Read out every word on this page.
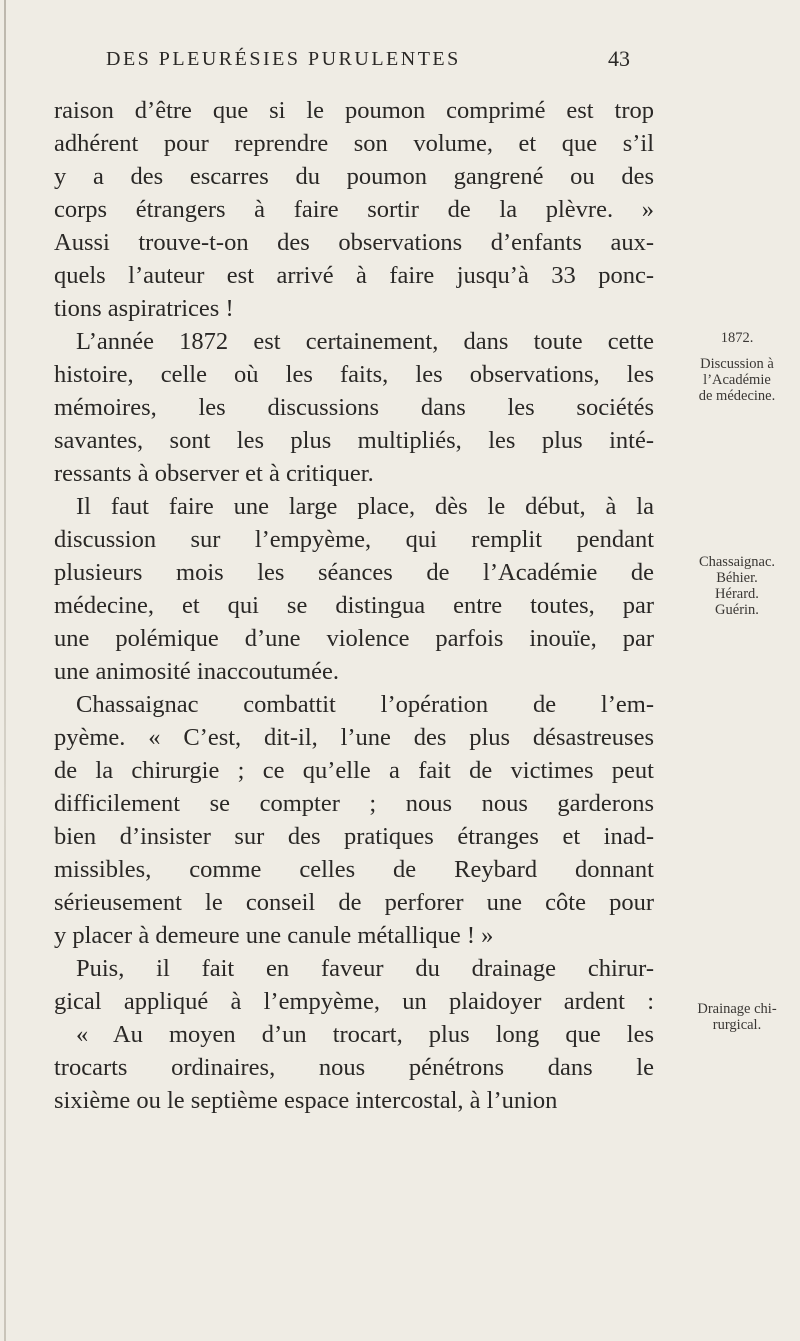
DES PLEURÉSIES PURULENTES	43
raison d’être que si le poumon comprimé est trop
adhérent pour reprendre son volume, et que s’il
y a des escarres du poumon gangrené ou des
corps étrangers à faire sortir de la plèvre. »
Aussi trouve-t-on des observations d’enfants aux-
quels l’auteur est arrivé à faire jusqu’à 33 ponc-
tions aspiratrices !
L’année 1872 est certainement, dans toute cette
histoire, celle où les faits, les observations, les
mémoires, les discussions dans les sociétés
savantes, sont les plus multipliés, les plus inté-
ressants à observer et à critiquer.
Il faut faire une large place, dès le début, à la
discussion sur l’empyème, qui remplit pendant
plusieurs mois les séances de l’Académie de
médecine, et qui se distingua entre toutes, par
une polémique d’une violence parfois inouïe, par
une animosité inaccoutumée.
Chassaignac combattit l’opération de l’em-
pyème. « C’est, dit-il, l’une des plus désastreuses
de la chirurgie ; ce qu’elle a fait de victimes peut
difficilement se compter ; nous nous garderons
bien d’insister sur des pratiques étranges et inad-
missibles, comme celles de Reybard donnant
sérieusement le conseil de perforer une côte pour
y placer à demeure une canule métallique ! »
Puis, il fait en faveur du drainage chirur-
gical appliqué à l’empyème, un plaidoyer ardent :
« Au moyen d’un trocart, plus long que les
trocarts ordinaires, nous pénétrons dans le
sixième ou le septième espace intercostal, à l’union
1872.
Discussion à
l’Académie
de médecine.
Chassaignac.
Béhier.
Hérard.
Guérin.
Drainage chi-
rurgical.
